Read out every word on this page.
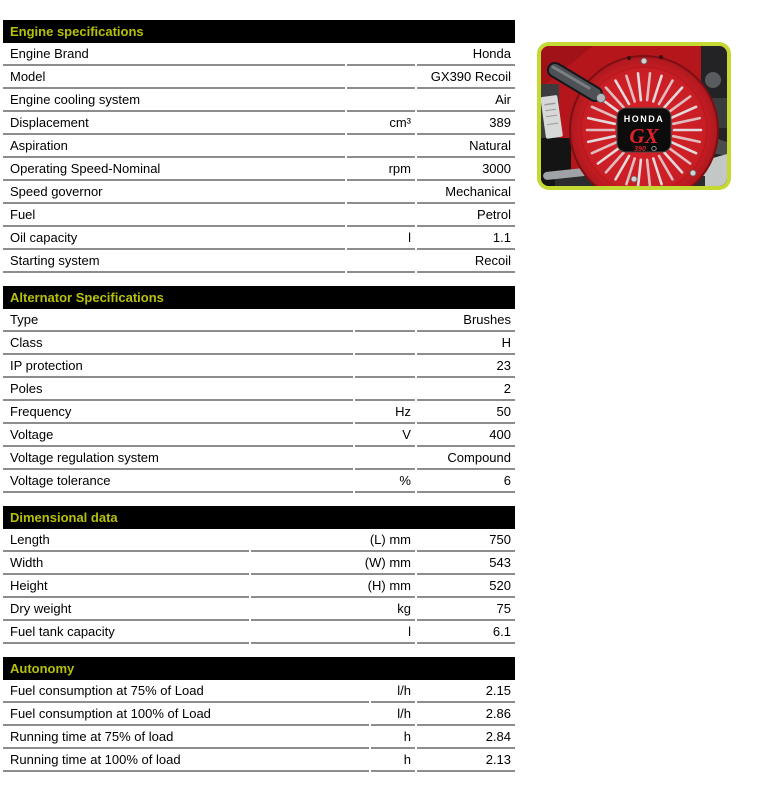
Engine specifications		
Engine Brand		Honda
Model		GX390 Recoil
Engine cooling system		Air
Displacement	cm³	389
Aspiration		Natural
Operating Speed-Nominal	rpm	3000
Speed governor		Mechanical
Fuel		Petrol
Oil capacity	l	1.1
Starting system		Recoil
Alternator Specifications		
Type		Brushes
Class		H
IP protection		23
Poles		2
Frequency	Hz	50
Voltage	V	400
Voltage regulation system		Compound
Voltage tolerance	%	6
Dimensional data		
Length	(L) mm	750
Width	(W) mm	543
Height	(H) mm	520
Dry weight	kg	75
Fuel tank capacity	l	6.1
Autonomy		
Fuel consumption at 75% of Load	l/h	2.15
Fuel consumption at 100% of Load	l/h	2.86
Running time at 75% of load	h	2.84
Running time at 100% of load	h	2.13
HONDA
GX
390
